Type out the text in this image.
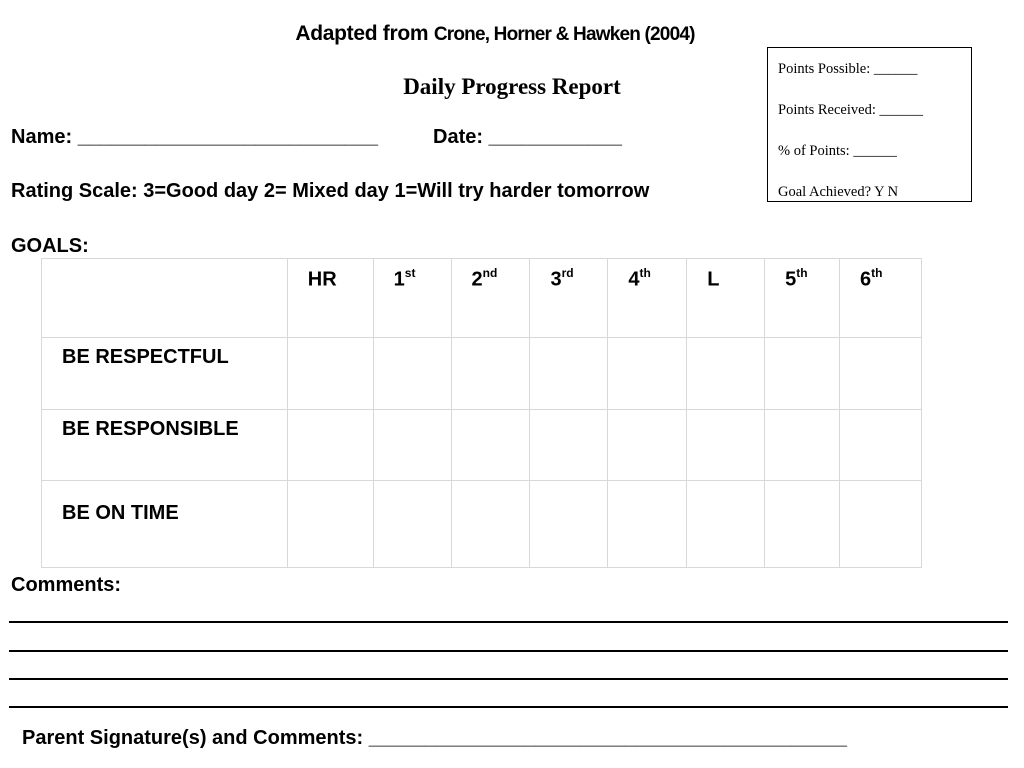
Adapted from Crone, Horner & Hawken (2004)
Daily Progress Report
Points Possible: ______
Points Received: ______
% of Points: ______
Goal Achieved? Y N
Name: ___________________________	Date: ____________
Rating Scale: 3=Good day 2= Mixed day 1=Will try harder tomorrow
GOALS:
	HR	1st	2nd	3rd	4th	L	5th	6th
BE RESPECTFUL								
BE RESPONSIBLE								
BE ON TIME								
Comments:
Parent Signature(s) and Comments: ___________________________________________
